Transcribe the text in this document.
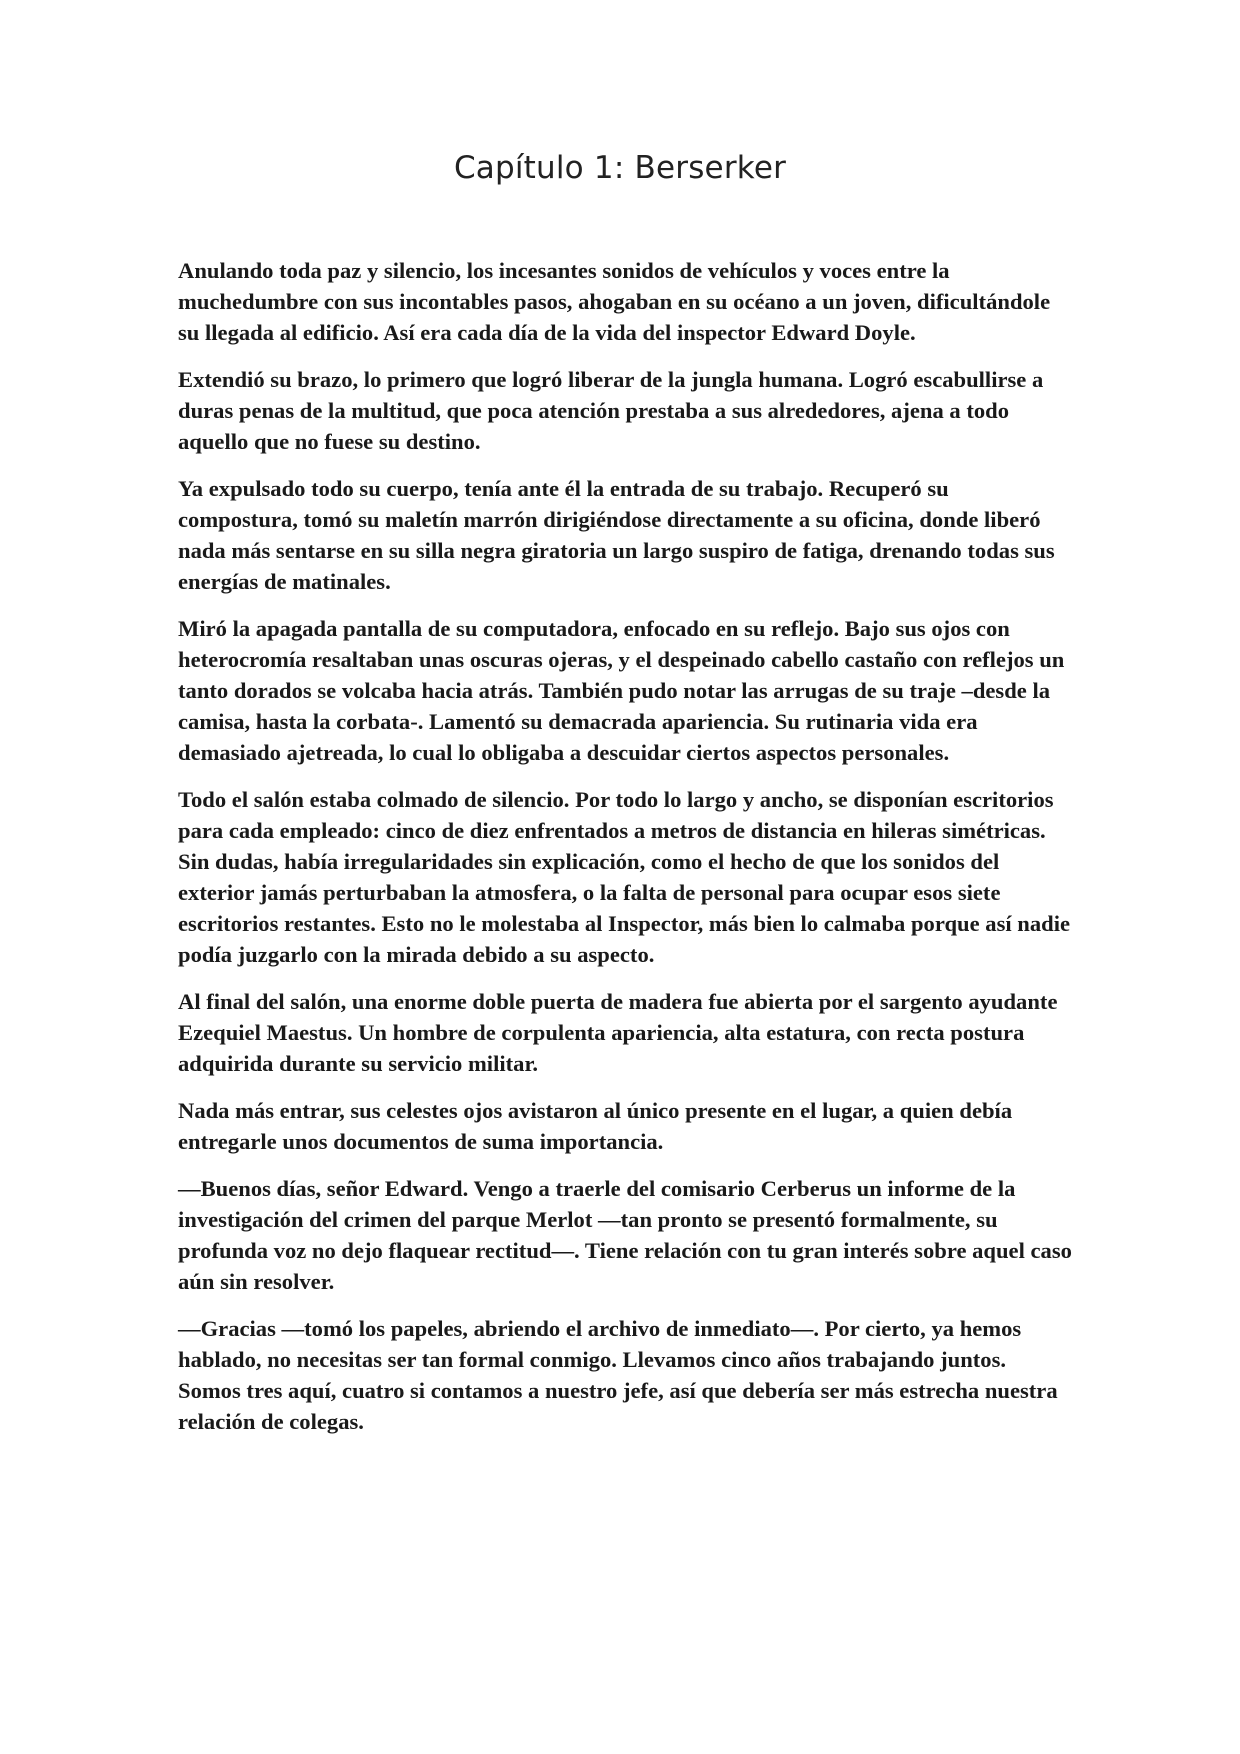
Capítulo 1: Berserker

Anulando toda paz y silencio, los incesantes sonidos de vehículos y voces entre la muchedumbre con sus incontables pasos, ahogaban en su océano a un joven, dificultándole su llegada al edificio. Así era cada día de la vida del inspector Edward Doyle.

Extendió su brazo, lo primero que logró liberar de la jungla humana. Logró escabullirse a duras penas de la multitud, que poca atención prestaba a sus alrededores, ajena a todo aquello que no fuese su destino.

Ya expulsado todo su cuerpo, tenía ante él la entrada de su trabajo. Recuperó su compostura, tomó su maletín marrón dirigiéndose directamente a su oficina, donde liberó nada más sentarse en su silla negra giratoria un largo suspiro de fatiga, drenando todas sus energías de matinales.

Miró la apagada pantalla de su computadora, enfocado en su reflejo. Bajo sus ojos con heterocromía resaltaban unas oscuras ojeras, y el despeinado cabello castaño con reflejos un tanto dorados se volcaba hacia atrás. También pudo notar las arrugas de su traje –desde la camisa, hasta la corbata-. Lamentó su demacrada apariencia. Su rutinaria vida era demasiado ajetreada, lo cual lo obligaba a descuidar ciertos aspectos personales.

Todo el salón estaba colmado de silencio. Por todo lo largo y ancho, se disponían escritorios para cada empleado: cinco de diez enfrentados a metros de distancia en hileras simétricas. Sin dudas, había irregularidades sin explicación, como el hecho de que los sonidos del exterior jamás perturbaban la atmosfera, o la falta de personal para ocupar esos siete escritorios restantes. Esto no le molestaba al Inspector, más bien lo calmaba porque así nadie podía juzgarlo con la mirada debido a su aspecto.

Al final del salón, una enorme doble puerta de madera fue abierta por el sargento ayudante Ezequiel Maestus. Un hombre de corpulenta apariencia, alta estatura, con recta postura adquirida durante su servicio militar.

Nada más entrar, sus celestes ojos avistaron al único presente en el lugar, a quien debía entregarle unos documentos de suma importancia.

—Buenos días, señor Edward. Vengo a traerle del comisario Cerberus un informe de la investigación del crimen del parque Merlot —tan pronto se presentó formalmente, su profunda voz no dejo flaquear rectitud—. Tiene relación con tu gran interés sobre aquel caso aún sin resolver.

—Gracias —tomó los papeles, abriendo el archivo de inmediato—. Por cierto, ya hemos hablado, no necesitas ser tan formal conmigo. Llevamos cinco años trabajando juntos. Somos tres aquí, cuatro si contamos a nuestro jefe, así que debería ser más estrecha nuestra relación de colegas.
